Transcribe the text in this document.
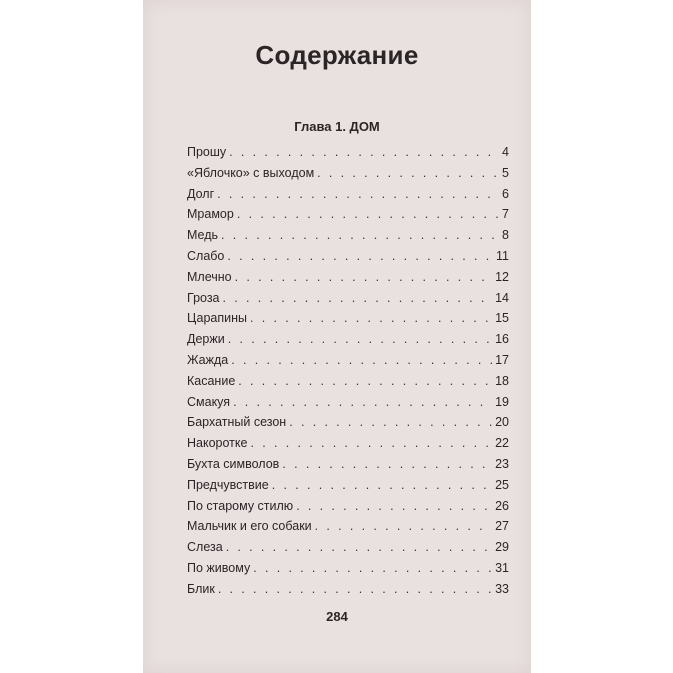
Содержание
Глава 1. ДОМ
Прошу . . .	4
«Яблочко» с выходом . . .	5
Долг . . .	6
Мрамор . . .	7
Медь . . .	8
Слабо . . .	11
Млечно . . .	12
Гроза . . .	14
Царапины . . .	15
Держи . . .	16
Жажда . . .	17
Касание . . .	18
Смакуя . . .	19
Бархатный сезон . . .	20
Накоротке . . .	22
Бухта символов . . .	23
Предчувствие . . .	25
По старому стилю . . .	26
Мальчик и его собаки . . .	27
Слеза . . .	29
По живому . . .	31
Блик . . .	33
284
